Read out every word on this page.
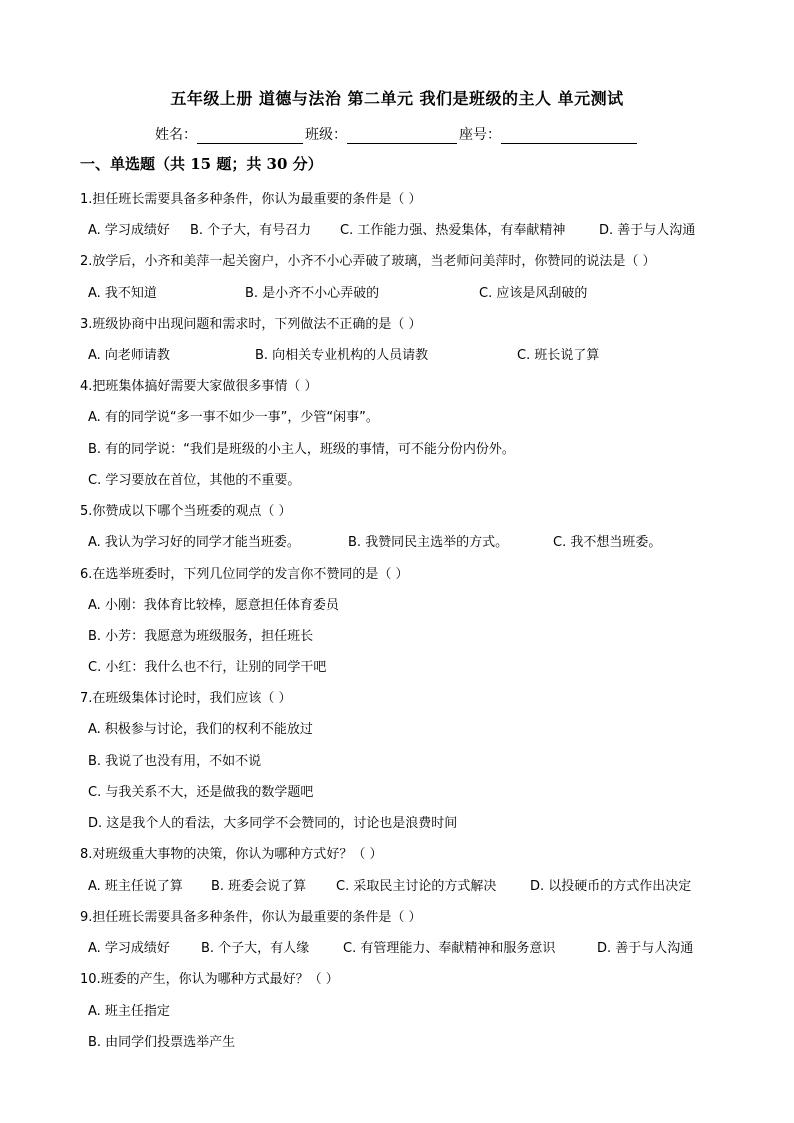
五年级上册 道德与法治 第二单元 我们是班级的主人 单元测试
姓名：	班级：	座号：
一、单选题（共 15 题；共 30 分）
1.担任班长需要具备多种条件，你认为最重要的条件是（ ）
A. 学习成绩好 B. 个子大，有号召力 C. 工作能力强、热爱集体，有奉献精神	D. 善于与人沟通
2.放学后，小齐和美萍一起关窗户，小齐不小心弄破了玻璃，当老师问美萍时，你赞同的说法是（ ）
A. 我不知道	B. 是小齐不小心弄破的	C. 应该是风刮破的
3.班级协商中出现问题和需求时，下列做法不正确的是（ ）
A. 向老师请教	B. 向相关专业机构的人员请教	C. 班长说了算
4.把班集体搞好需要大家做很多事情（ ）
A. 有的同学说“多一事不如少一事”，少管“闲事”。
B. 有的同学说：“我们是班级的小主人，班级的事情，可不能分份内份外。
C. 学习要放在首位，其他的不重要。
5.你赞成以下哪个当班委的观点（ ）
A. 我认为学习好的同学才能当班委。	B. 我赞同民主选举的方式。	C. 我不想当班委。
6.在选举班委时，下列几位同学的发言你不赞同的是（ ）
A. 小刚：我体育比较棒，愿意担任体育委员
B. 小芳：我愿意为班级服务，担任班长
C. 小红：我什么也不行，让别的同学干吧
7.在班级集体讨论时，我们应该（ ）
A. 积极参与讨论，我们的权利不能放过
B. 我说了也没有用，不如不说
C. 与我关系不大，还是做我的数学题吧
D. 这是我个人的看法，大多同学不会赞同的，讨论也是浪费时间
8.对班级重大事物的决策，你认为哪种方式好？（ ）
A. 班主任说了算 B. 班委会说了算 C. 采取民主讨论的方式解决	D. 以投硬币的方式作出决定
9.担任班长需要具备多种条件，你认为最重要的条件是（ ）
A. 学习成绩好 B. 个子大，有人缘	C. 有管理能力、奉献精神和服务意识	D. 善于与人沟通
10.班委的产生，你认为哪种方式最好？（ ）
A. 班主任指定
B. 由同学们投票选举产生
